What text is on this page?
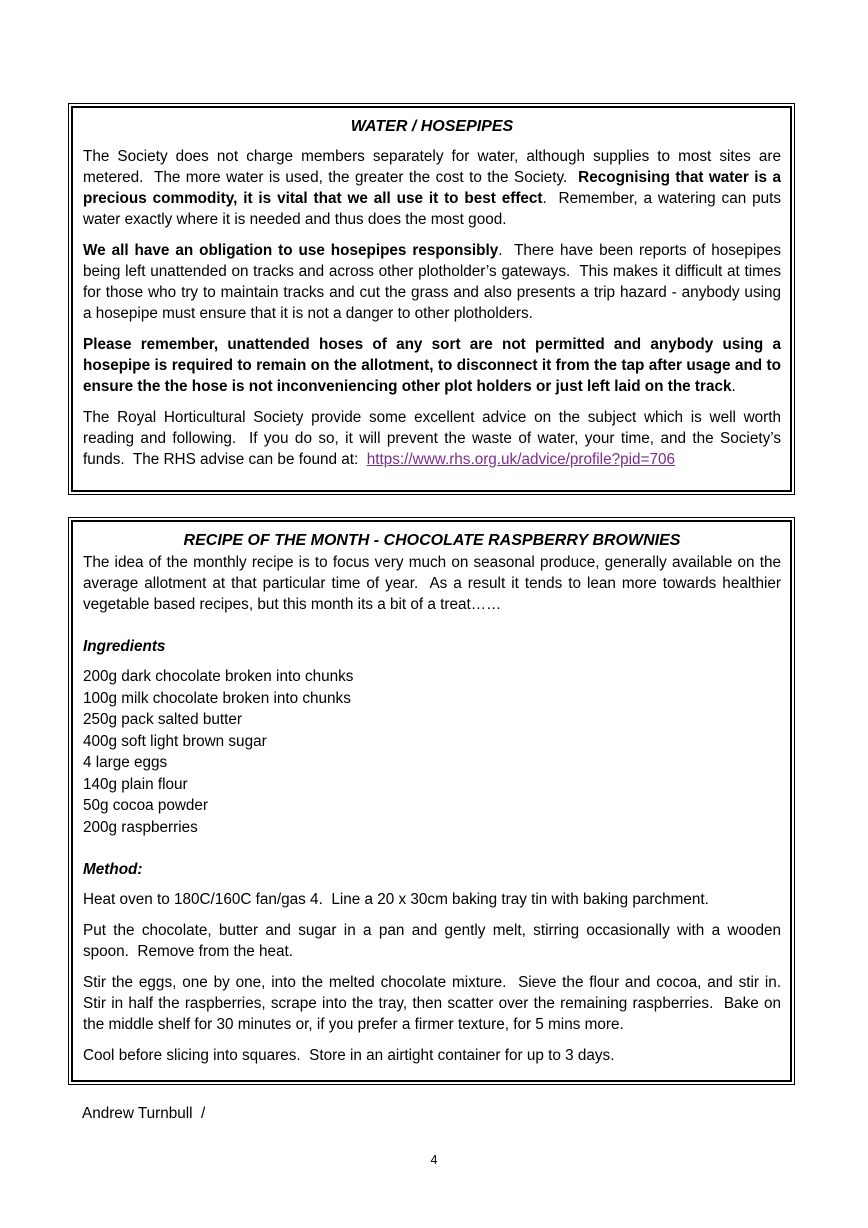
WATER / HOSEPIPES

The Society does not charge members separately for water, although supplies to most sites are metered.  The more water is used, the greater the cost to the Society.  Recognising that water is a precious commodity, it is vital that we all use it to best effect.  Remember, a watering can puts water exactly where it is needed and thus does the most good.

We all have an obligation to use hosepipes responsibly.  There have been reports of hosepipes being left unattended on tracks and across other plotholder’s gateways.  This makes it difficult at times for those who try to maintain tracks and cut the grass and also presents a trip hazard - anybody using a hosepipe must ensure that it is not a danger to other plotholders.

Please remember, unattended hoses of any sort are not permitted and anybody using a hosepipe is required to remain on the allotment, to disconnect it from the tap after usage and to ensure the the hose is not inconveniencing other plot holders or just left laid on the track.

The Royal Horticultural Society provide some excellent advice on the subject which is well worth reading and following.  If you do so, it will prevent the waste of water, your time, and the Society’s funds.  The RHS advise can be found at:  https://www.rhs.org.uk/advice/profile?pid=706

RECIPE OF THE MONTH - CHOCOLATE RASPBERRY BROWNIES

The idea of the monthly recipe is to focus very much on seasonal produce, generally available on the average allotment at that particular time of year.  As a result it tends to lean more towards healthier vegetable based recipes, but this month its a bit of a treat……

Ingredients
200g dark chocolate broken into chunks
100g milk chocolate broken into chunks
250g pack salted butter
400g soft light brown sugar
4 large eggs
140g plain flour
50g cocoa powder
200g raspberries
Method:

Heat oven to 180C/160C fan/gas 4.  Line a 20 x 30cm baking tray tin with baking parchment.

Put the chocolate, butter and sugar in a pan and gently melt, stirring occasionally with a wooden spoon.  Remove from the heat.

Stir the eggs, one by one, into the melted chocolate mixture.  Sieve the flour and cocoa, and stir in.  Stir in half the raspberries, scrape into the tray, then scatter over the remaining raspberries.  Bake on the middle shelf for 30 minutes or, if you prefer a firmer texture, for 5 mins more.

Cool before slicing into squares.  Store in an airtight container for up to 3 days.

Andrew Turnbull  /
4
